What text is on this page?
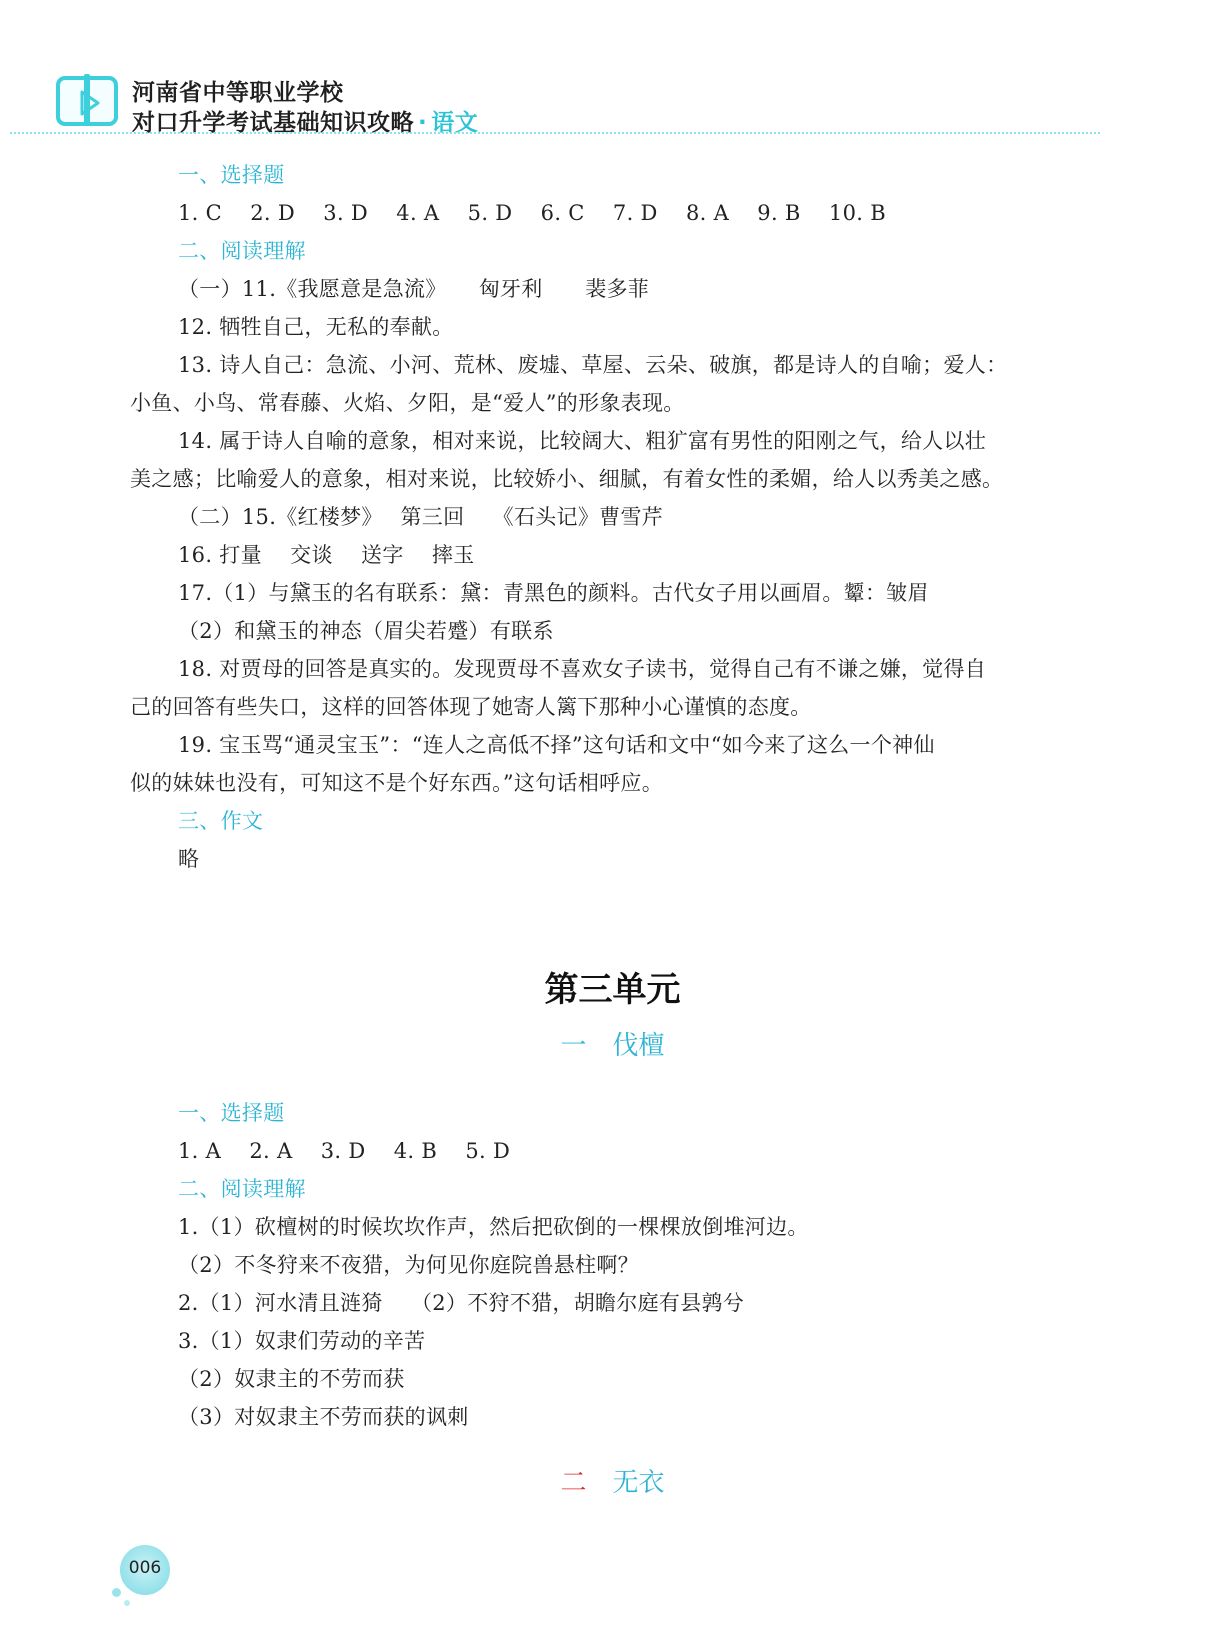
河南省中等职业学校
对口升学考试基础知识攻略 · 语文
一、选择题
1. C　 2. D　 3. D　 4. A　 5. D　 6. C　 7. D　 8. A　 9. B　 10. B
二、阅读理解
（一）11.《我愿意是急流》　　匈牙利　　裴多菲
12. 牺牲自己，无私的奉献。
13. 诗人自己：急流、小河、荒林、废墟、草屋、云朵、破旗，都是诗人的自喻；爱人：
小鱼、小鸟、常春藤、火焰、夕阳，是“爱人”的形象表现。
14. 属于诗人自喻的意象，相对来说，比较阔大、粗犷富有男性的阳刚之气，给人以壮
美之感；比喻爱人的意象，相对来说，比较娇小、细腻，有着女性的柔媚，给人以秀美之感。
（二）15.《红楼梦》　 第三回　 《石头记》曹雪芹
16. 打量　 交谈　 送字　 摔玉
17.（1）与黛玉的名有联系：黛：青黑色的颜料。古代女子用以画眉。颦：皱眉
（2）和黛玉的神态（眉尖若蹙）有联系
18. 对贾母的回答是真实的。发现贾母不喜欢女子读书，觉得自己有不谦之嫌，觉得自
己的回答有些失口，这样的回答体现了她寄人篱下那种小心谨慎的态度。
19. 宝玉骂“通灵宝玉”：“连人之高低不择”这句话和文中“如今来了这么一个神仙
似的妹妹也没有，可知这不是个好东西。”这句话相呼应。
三、作文
略
第三单元
一 伐檀
一、选择题
1. A　 2. A　 3. D　 4. B　 5. D
二、阅读理解
1.（1）砍檀树的时候坎坎作声，然后把砍倒的一棵棵放倒堆河边。
（2）不冬狩来不夜猎，为何见你庭院兽悬柱啊？
2.（1）河水清且涟猗　 （2）不狩不猎，胡瞻尔庭有县鹑兮
3.（1）奴隶们劳动的辛苦
（2）奴隶主的不劳而获
（3）对奴隶主不劳而获的讽刺
二 无衣
006
